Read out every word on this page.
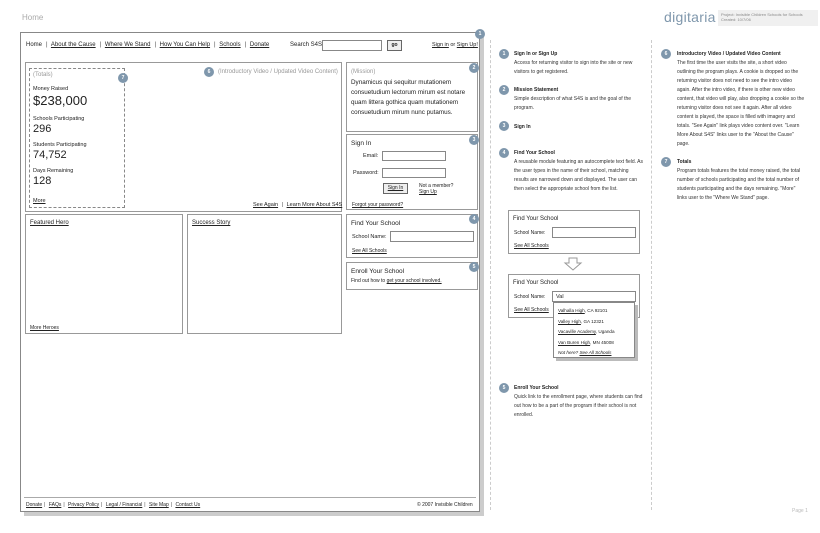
Home	digitaria Project: Invisible Children Schools for Schools
Created: 10/7/06
Home | About the Cause | Where We Stand | How You Can Help | Schools | Donate	Search S4S	go	Sign in or Sign Up!
(Totals)
Money Raised
$238,000
Schools Participating
296
Students Participating
74,752
Days Remaining
128
More
(Introductory Video / Updated Video Content)
See Again | Learn More About S4S
(Mission)
Dynamicus qui sequitur mutationem consuetudium lectorum mirum est notare quam littera gothica quam mutationem consuetudium mirum nunc putamus.
Sign In
Email:
Password:
Sign In	Not a member?
Sign Up
Forgot your password?
Find Your School
School Name:
See All Schools
Enroll Your School
Find out how to get your school involved.
Featured Hero
More Heroes
Success Story
Donate | FAQs | Privacy Policy | Legal / Financial | Site Map | Contact Us	© 2007 Invisible Children
1
2
3
4
5
6
7
1	Sign In or Sign Up
Access for returning visitor to sign into the site or new visitors to get registered.
2	Mission Statement
Simple description of what S4S is and the goal of the program.
3	Sign In
4	Find Your School
A reusable module featuring an autocomplete text field. As the user types in the name of their school, matching results are narrowed down and displayed. The user can then select the appropriate school from the list.
Find Your School
School Name:
See All Schools
Find Your School
School Name:	Val
See All Schools Valhalla High, CA 92101
Valley High, GA 12321
Vacaville Academy, Uganda
Van Buren High, MN 45008
Not here? See All Schools
5	Enroll Your School
Quick link to the enrollment page, where students can find out how to be a part of the program if their school is not enrolled.
6	Introductory Video / Updated Video Content
The first time the user visits the site, a short video outlining the program plays. A cookie is dropped so the returning visitor does not need to see the intro video again. After the intro video, if there is other new video content, that video will play, also dropping a cookie so the returning visitor does not see it again. After all video content is played, the space is filled with imagery and totals. "See Again" link plays video content over. "Learn More About S4S" links user to the "About the Cause" page.
7	Totals
Program totals features the total money raised, the total number of schools participating and the total number of students participating and the days remaining. "More" links user to the "Where We Stand" page.
Page 1
